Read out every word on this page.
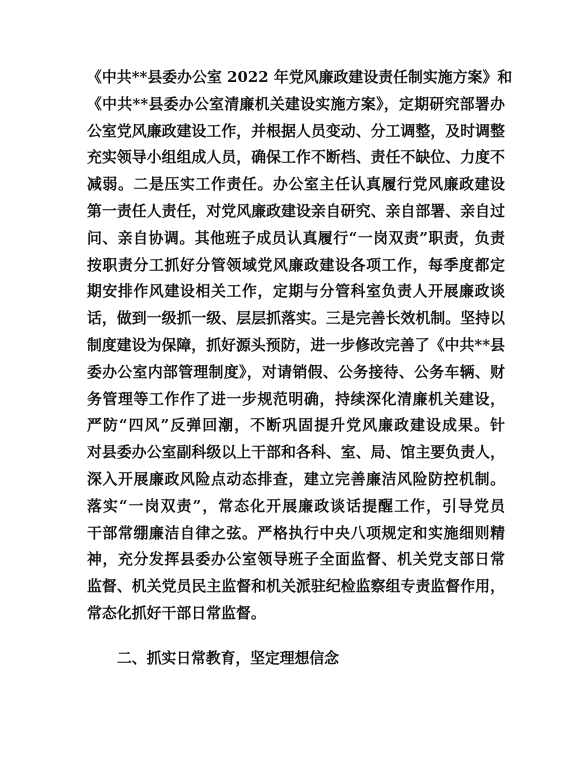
《中共**县委办公室 2022 年党风廉政建设责任制实施方案》和
《中共**县委办公室清廉机关建设实施方案》，定期研究部署办
公室党风廉政建设工作，并根据人员变动、分工调整，及时调整
充实领导小组组成人员，确保工作不断档、责任不缺位、力度不
减弱。二是压实工作责任。办公室主任认真履行党风廉政建设
第一责任人责任，对党风廉政建设亲自研究、亲自部署、亲自过
问、亲自协调。其他班子成员认真履行“一岗双责”职责，负责
按职责分工抓好分管领域党风廉政建设各项工作，每季度都定
期安排作风建设相关工作，定期与分管科室负责人开展廉政谈
话，做到一级抓一级、层层抓落实。三是完善长效机制。坚持以
制度建设为保障，抓好源头预防，进一步修改完善了《中共**县
委办公室内部管理制度》，对请销假、公务接待、公务车辆、财
务管理等工作作了进一步规范明确，持续深化清廉机关建设，
严防“四风”反弹回潮，不断巩固提升党风廉政建设成果。针
对县委办公室副科级以上干部和各科、室、局、馆主要负责人，
深入开展廉政风险点动态排查，建立完善廉洁风险防控机制。
落实“一岗双责”，常态化开展廉政谈话提醒工作，引导党员
干部常绷廉洁自律之弦。严格执行中央八项规定和实施细则精
神，充分发挥县委办公室领导班子全面监督、机关党支部日常
监督、机关党员民主监督和机关派驻纪检监察组专责监督作用，
常态化抓好干部日常监督。

二、抓实日常教育，坚定理想信念
